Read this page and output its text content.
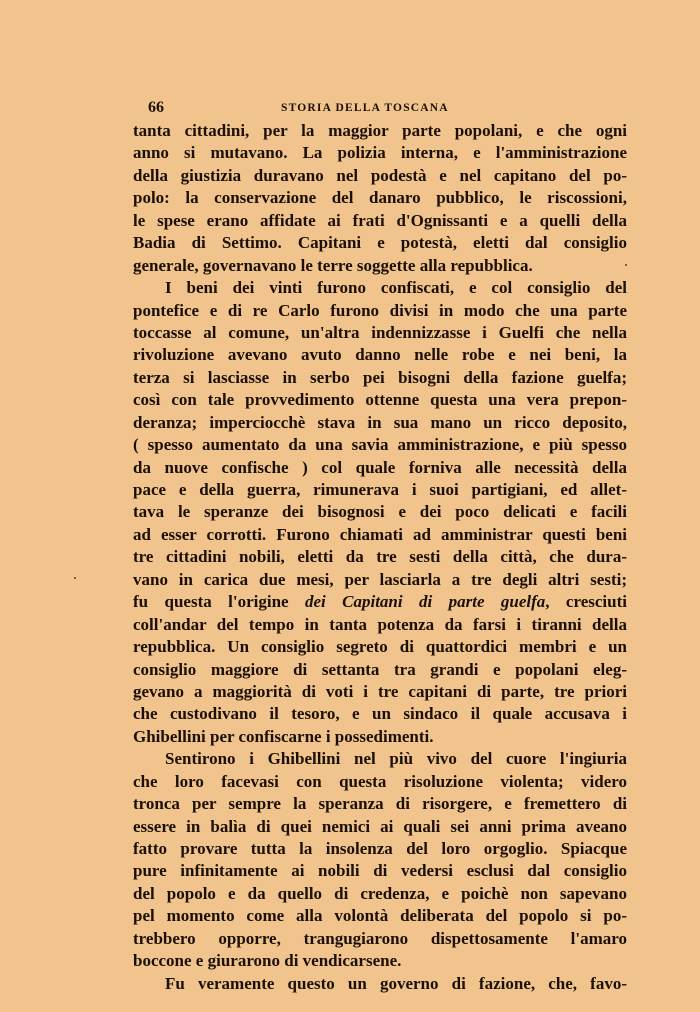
66	STORIA DELLA TOSCANA
tanta cittadini, per la maggior parte popolani, e che ogni
anno si mutavano. La polizia interna, e l'amministrazione
della giustizia duravano nel podestà e nel capitano del po-
polo: la conservazione del danaro pubblico, le riscossioni,
le spese erano affidate ai frati d'Ognissanti e a quelli della
Badia di Settimo. Capitani e potestà, eletti dal consiglio
generale, governavano le terre soggette alla repubblica.
I beni dei vinti furono confiscati, e col consiglio del
pontefice e di re Carlo furono divisi in modo che una parte
toccasse al comune, un'altra indennizzasse i Guelfi che nella
rivoluzione avevano avuto danno nelle robe e nei beni, la
terza si lasciasse in serbo pei bisogni della fazione guelfa;
così con tale provvedimento ottenne questa una vera prepon-
deranza; imperciocchè stava in sua mano un ricco deposito,
( spesso aumentato da una savia amministrazione, e più spesso
da nuove confische ) col quale forniva alle necessità della
pace e della guerra, rimunerava i suoi partigiani, ed allet-
tava le speranze dei bisognosi e dei poco delicati e facili
ad esser corrotti. Furono chiamati ad amministrar questi beni
tre cittadini nobili, eletti da tre sesti della città, che dura-
vano in carica due mesi, per lasciarla a tre degli altri sesti;
fu questa l'origine dei Capitani di parte guelfa, cresciuti
coll'andar del tempo in tanta potenza da farsi i tiranni della
repubblica. Un consiglio segreto di quattordici membri e un
consiglio maggiore di settanta tra grandi e popolani eleg-
gevano a maggiorità di voti i tre capitani di parte, tre priori
che custodivano il tesoro, e un sindaco il quale accusava i
Ghibellini per confiscarne i possedimenti.
Sentirono i Ghibellini nel più vivo del cuore l'ingiuria
che loro facevasi con questa risoluzione violenta; videro
tronca per sempre la speranza di risorgere, e fremettero di
essere in balìa di quei nemici ai quali sei anni prima aveano
fatto provare tutta la insolenza del loro orgoglio. Spiacque
pure infinitamente ai nobili di vedersi esclusi dal consiglio
del popolo e da quello di credenza, e poichè non sapevano
pel momento come alla volontà deliberata del popolo si po-
trebbero opporre, trangugiarono dispettosamente l'amaro
boccone e giurarono di vendicarsene.
Fu veramente questo un governo di fazione, che, favo-
